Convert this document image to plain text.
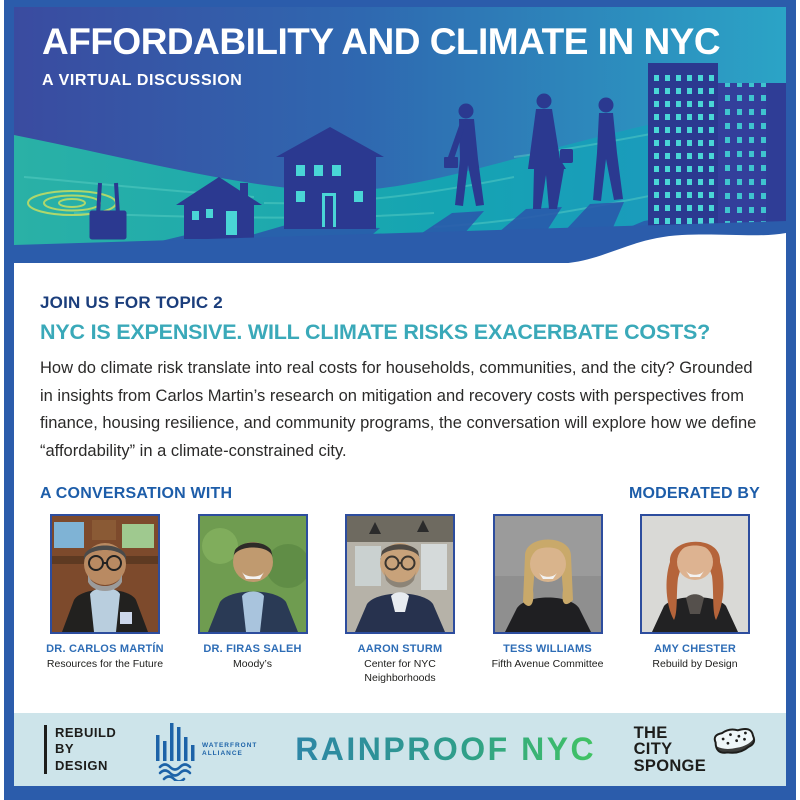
AFFORDABILITY AND CLIMATE IN NYC
A VIRTUAL DISCUSSION
JOIN US FOR TOPIC 2
NYC IS EXPENSIVE. WILL CLIMATE RISKS EXACERBATE COSTS?
How do climate risk translate into real costs for households, communities, and the city? Grounded in insights from Carlos Martin’s research on mitigation and recovery costs with perspectives from finance, housing resilience, and community programs, the conversation will explore how we define “affordability” in a climate-constrained city.
A CONVERSATION WITH	MODERATED BY
DR. CARLOS MARTÍN
Resources for the Future
DR. FIRAS SALEH
Moody’s
AARON STURM
Center for NYC Neighborhoods
TESS WILLIAMS
Fifth Avenue Committee
AMY CHESTER
Rebuild by Design
REBUILD
BY
DESIGN
WATERFRONT
ALLIANCE RAINPROOF NYC THE
CITY
SPONGE
